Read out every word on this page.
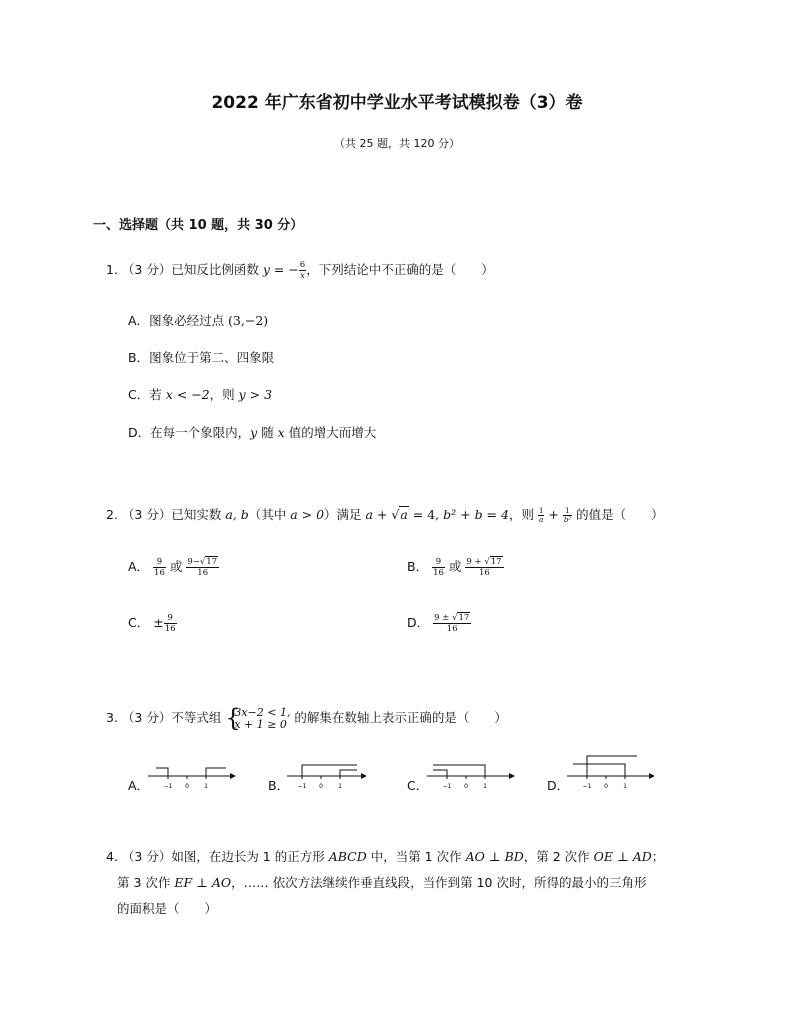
2022 年广东省初中学业水平考试模拟卷（3）卷
（共 25 题，共 120 分）
一、选择题（共 10 题，共 30 分）
1. （3 分）已知反比例函数 y = − $\frac{6}{x}$ ，下列结论中不正确的是（　　）
A．图象必经过点 (3,−2)
B．图象位于第二、四象限
C．若 x < −2，则 y > 3
D．在每一个象限内，y 随 x 值的增大而增大
2. （3 分）已知实数 a, b（其中 a > 0）满足 a + √a = 4, b² + b = 4，则 $\frac{1}{a} + \frac{1}{\text{b²}}$ 的值是（　　）
A． $\frac{9}{16}$ 或 $\frac{9-√17}{16}$	B． $\frac{9}{16}$ 或 $\frac{9 + √17}{16}$
C． ± $\frac{9}{16}$	D． $\frac{9 \pm √17}{16}$
3. （3 分）不等式组 {
3x−2 < 1,
x + 1 ≥ 0 的解集在数轴上表示正确的是（　　）
A． −1 0	1	B． −1 0	1	C． −1 0	1	D． −1 0	1
4. （3 分）如图，在边长为 1 的正方形 ABCD 中，当第 1 次作 AO ⊥ BD，第 2 次作 OE ⊥ AD；
第 3 次作 EF ⊥ AO，…… 依次方法继续作垂直线段，当作到第 10 次时，所得的最小的三角形
的面积是（　　）
